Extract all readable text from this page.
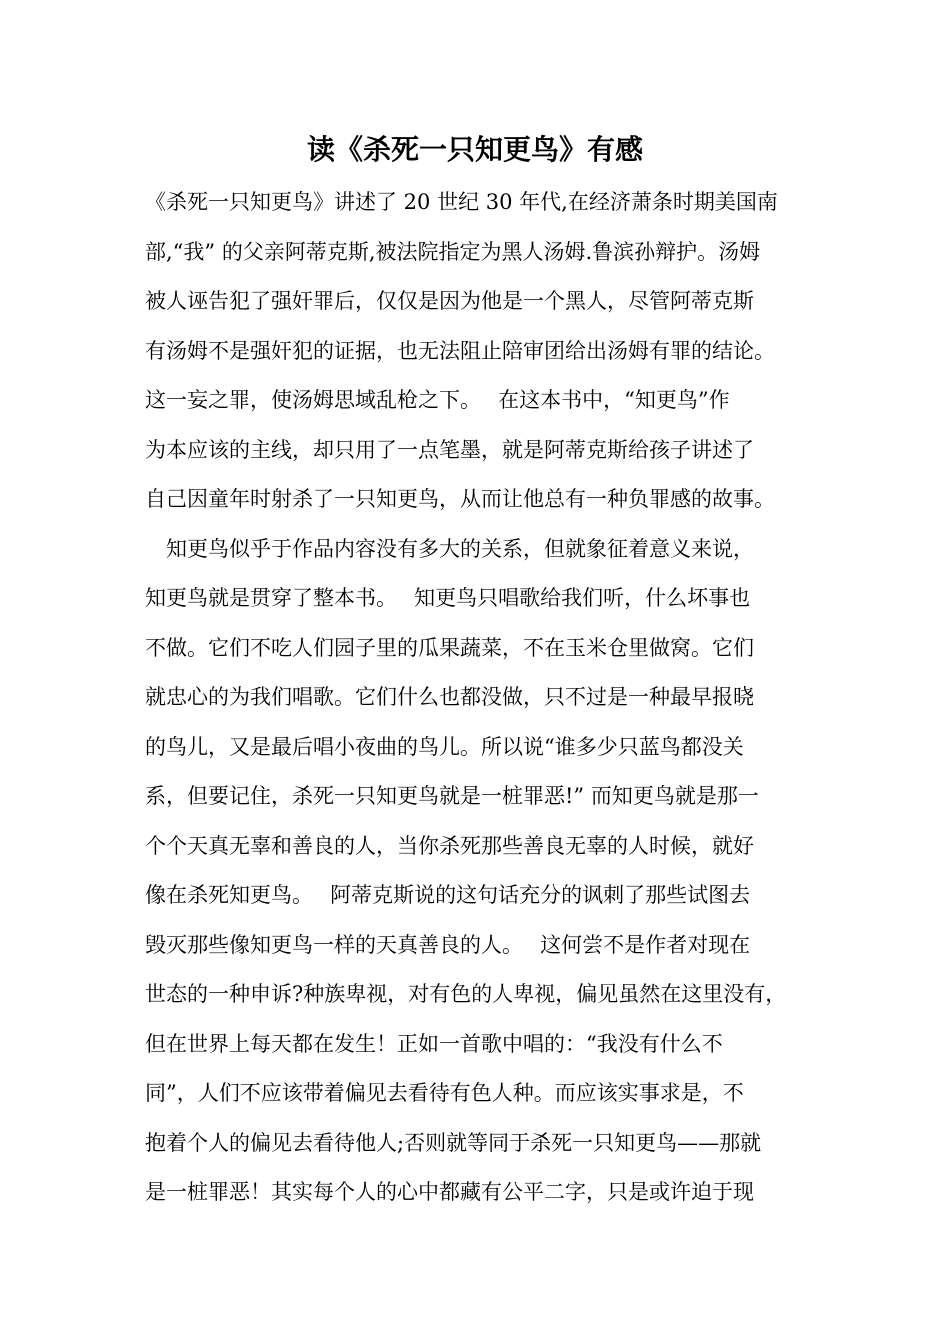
读《杀死一只知更鸟》有感
《杀死一只知更鸟》讲述了 20 世纪 30 年代,在经济萧条时期美国南
部,“我” 的父亲阿蒂克斯,被法院指定为黑人汤姆.鲁滨孙辩护。汤姆
被人诬告犯了强奸罪后，仅仅是因为他是一个黑人，尽管阿蒂克斯
有汤姆不是强奸犯的证据，也无法阻止陪审团给出汤姆有罪的结论。
这一妄之罪，使汤姆思域乱枪之下。　 在这本书中，“知更鸟”作
为本应该的主线，却只用了一点笔墨，就是阿蒂克斯给孩子讲述了
自己因童年时射杀了一只知更鸟，从而让他总有一种负罪感的故事。
　知更鸟似乎于作品内容没有多大的关系，但就象征着意义来说，
知更鸟就是贯穿了整本书。　 知更鸟只唱歌给我们听，什么坏事也
不做。它们不吃人们园子里的瓜果蔬菜，不在玉米仓里做窝。它们
就忠心的为我们唱歌。它们什么也都没做，只不过是一种最早报晓
的鸟儿，又是最后唱小夜曲的鸟儿。所以说“谁多少只蓝鸟都没关
系，但要记住，杀死一只知更鸟就是一桩罪恶!” 而知更鸟就是那一
个个天真无辜和善良的人，当你杀死那些善良无辜的人时候，就好
像在杀死知更鸟。　 阿蒂克斯说的这句话充分的讽刺了那些试图去
毁灭那些像知更鸟一样的天真善良的人。　 这何尝不是作者对现在
世态的一种申诉?种族卑视，对有色的人卑视，偏见虽然在这里没有，
但在世界上每天都在发生！正如一首歌中唱的：“我没有什么不
同”，人们不应该带着偏见去看待有色人种。而应该实事求是，不
抱着个人的偏见去看待他人;否则就等同于杀死一只知更鸟——那就
是一桩罪恶！其实每个人的心中都藏有公平二字，只是或许迫于现
